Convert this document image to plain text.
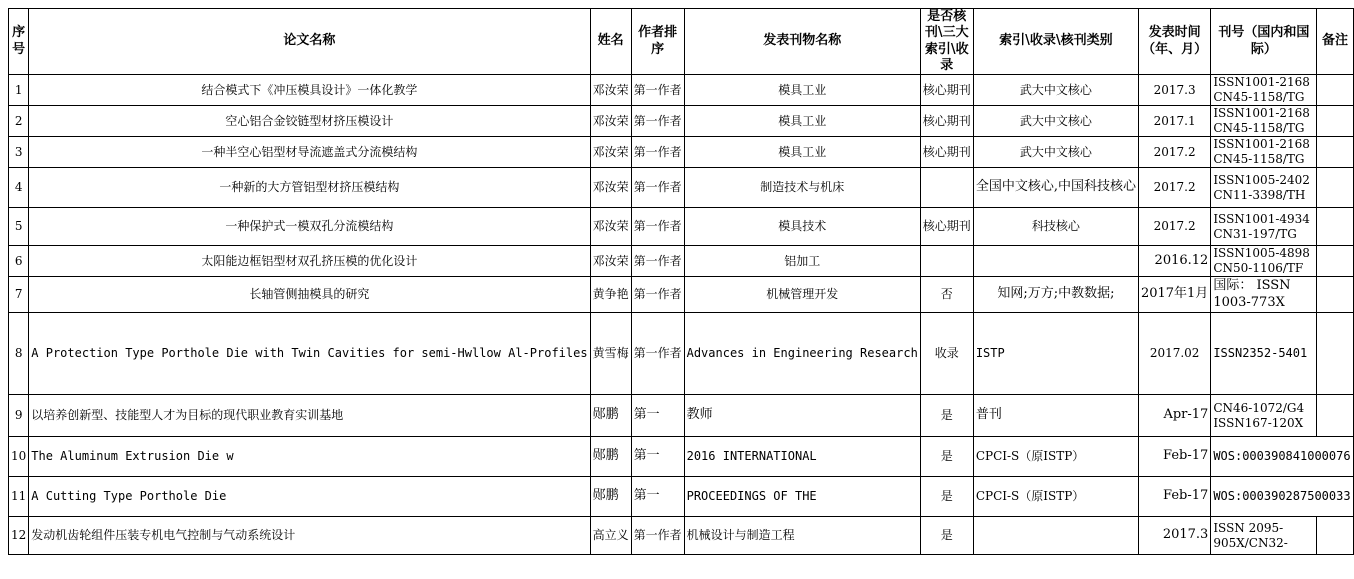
序号	论文名称	姓名	作者排序	发表刊物名称	是否核刊\三大索引\收录	索引\收录\核刊类别	发表时间（年、月）	刊号（国内和国际）	备注
1	结合模式下《冲压模具设计》一体化教学	邓汝荣	第一作者	模具工业	核心期刊	武大中文核心	2017.3	ISSN1001-2168
CN45-1158/TG	

2	空心铝合金铰链型材挤压模设计	邓汝荣	第一作者	模具工业	核心期刊	武大中文核心	2017.1	ISSN1001-2168
CN45-1158/TG	

3	一种半空心铝型材导流遮盖式分流模结构	邓汝荣	第一作者	模具工业	核心期刊	武大中文核心	2017.2	ISSN1001-2168
CN45-1158/TG	

4	一种新的大方管铝型材挤压模结构	邓汝荣	第一作者	制造技术与机床		全国中文核心,中国科技核心	2017.2	ISSN1005-2402
CN11-3398/TH	

5	一种保护式一模双孔分流模结构	邓汝荣	第一作者	模具技术	核心期刊	科技核心	2017.2	ISSN1001-4934
CN31-197/TG	

6	太阳能边框铝型材双孔挤压模的优化设计	邓汝荣	第一作者	铝加工			2016.12	ISSN1005-4898
CN50-1106/TF	

7	长轴管侧抽模具的研究	黄争艳	第一作者	机械管理开发	否	知网;万方;中教数据;	2017年1月	国际： ISSN
1003-773X	

8	A Protection Type Porthole Die with Twin Cavities for semi-Hwllow Al-Profiles	黄雪梅	第一作者	Advances in Engineering Research	收录	ISTP	2017.02	ISSN2352-5401	

9	以培养创新型、技能型人才为目标的现代职业教育实训基地	郧鹏	第一	教师	是	普刊	Apr-17	CN46-1072/G4
ISSN167-120X	

10	The Aluminum Extrusion Die w	郧鹏	第一	2016 INTERNATIONAL	是	CPCI-S（原ISTP）	Feb-17	WOS:000390841000076	
11	A Cutting Type Porthole Die	郧鹏	第一	PROCEEDINGS OF THE	是	CPCI-S（原ISTP）	Feb-17	WOS:000390287500033	
12	发动机齿轮组件压装专机电气控制与气动系统设计	高立义	第一作者	机械设计与制造工程	是		2017.3	ISSN 2095-
905X/CN32-	
